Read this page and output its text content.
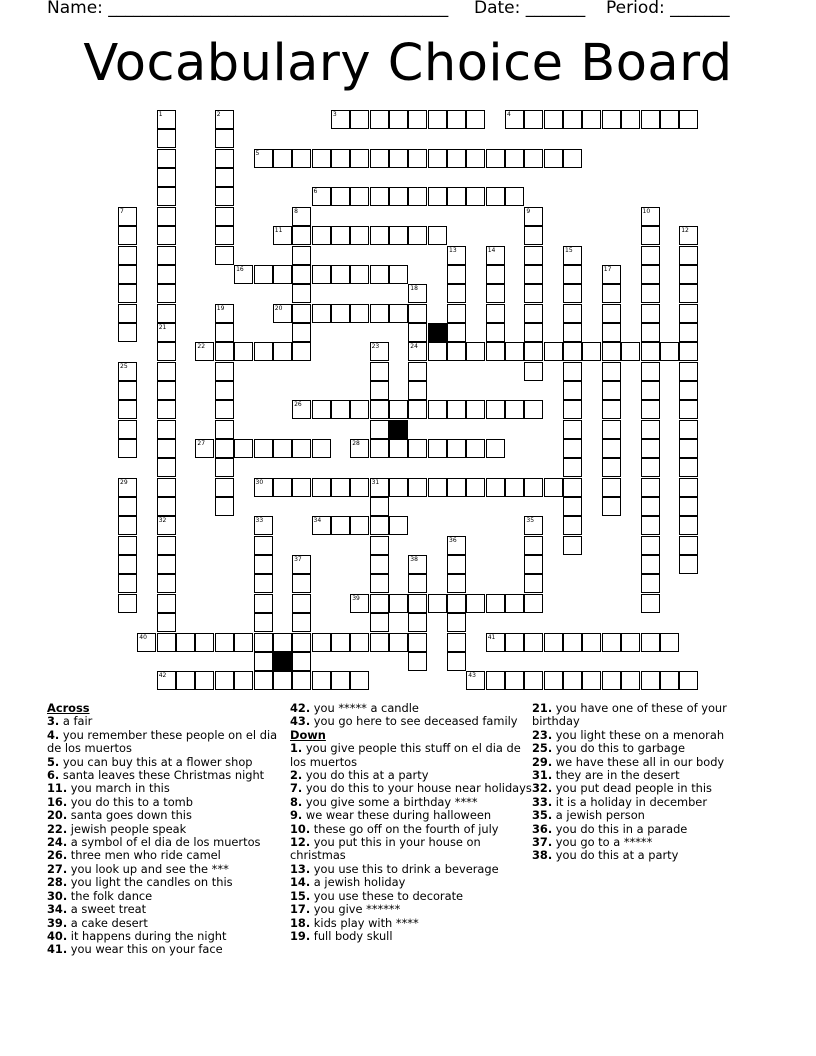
Name: ________________________________________ Date: _______ Period: _______
Vocabulary Choice Board
1	2	3	4
5
6
7	8	9	10
11	12
13	14	15
16	17
18
24
19	20
21
32
22	23
25
26
27	28
29	30	31
33	34	35
36
37	38
39
40	41
42	43
Across
3. a fair
4. you remember these people on el dia de los muertos
5. you can buy this at a flower shop
6. santa leaves these Christmas night
11. you march in this
16. you do this to a tomb
20. santa goes down this
22. jewish people speak
24. a symbol of el dia de los muertos
26. three men who ride camel
27. you look up and see the ***
28. you light the candles on this
30. the folk dance
34. a sweet treat
39. a cake desert
40. it happens during the night
41. you wear this on your face
42. you ***** a candle
43. you go here to see deceased family
Down
1. you give people this stuff on el dia de los muertos
2. you do this at a party
7. you do this to your house near holidays
8. you give some a birthday ****
9. we wear these during halloween
10. these go off on the fourth of july
12. you put this in your house on christmas
13. you use this to drink a beverage
14. a jewish holiday
15. you use these to decorate
17. you give ******
18. kids play with ****
19. full body skull
21. you have one of these of your birthday
23. you light these on a menorah
25. you do this to garbage
29. we have these all in our body
31. they are in the desert
32. you put dead people in this
33. it is a holiday in december
35. a jewish person
36. you do this in a parade
37. you go to a *****
38. you do this at a party
